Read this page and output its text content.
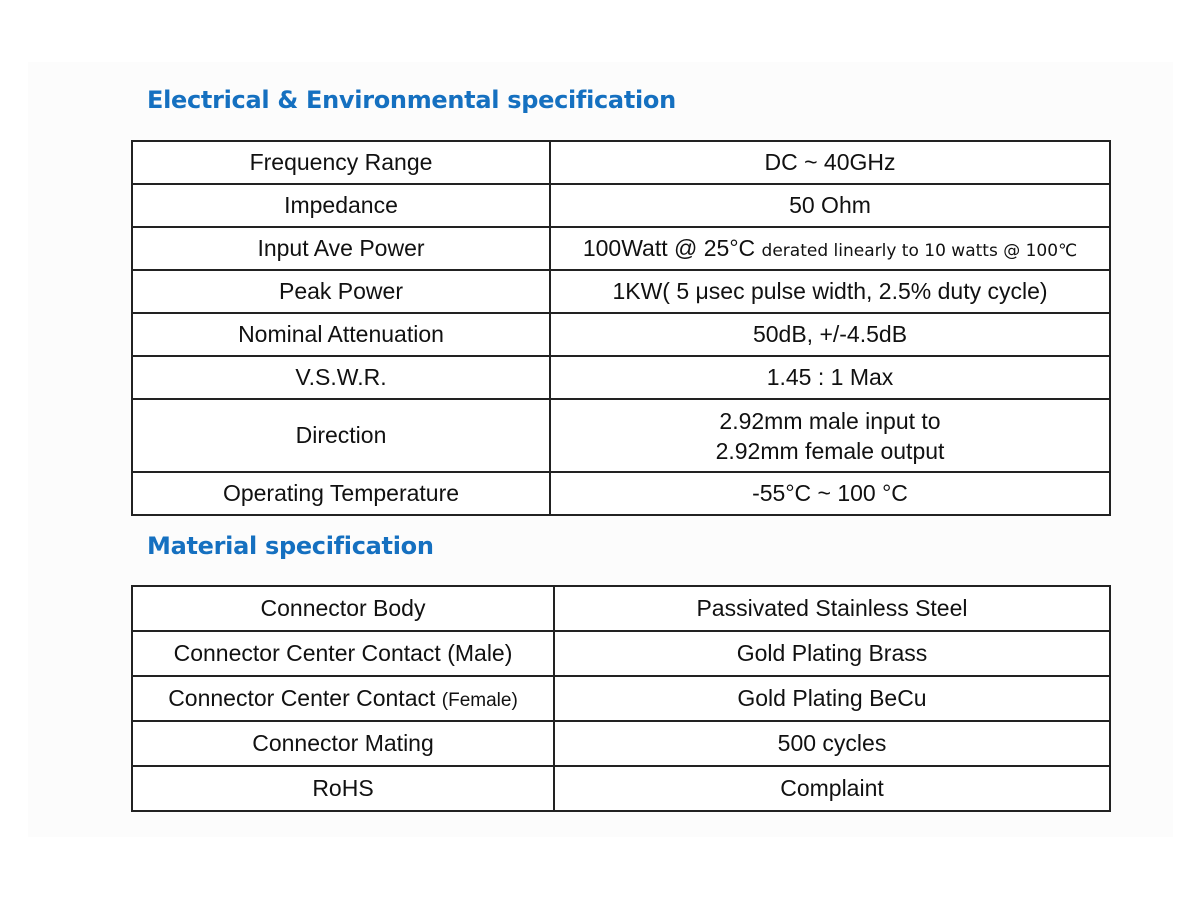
Electrical & Environmental specification
Frequency Range	DC ~ 40GHz
Impedance	50 Ohm
Input Ave Power	100Watt @ 25°C derated linearly to 10 watts @ 100℃
Peak Power	1KW( 5 μsec pulse width, 2.5% duty cycle)
Nominal Attenuation	50dB, +/-4.5dB
V.S.W.R.	1.45 : 1 Max
Direction	2.92mm male input to
2.92mm female output

Operating Temperature	-55°C ~ 100 °C
Material specification
Connector Body	Passivated Stainless Steel
Connector Center Contact (Male)	Gold Plating Brass
Connector Center Contact (Female)	Gold Plating BeCu
Connector Mating	500 cycles
RoHS	Complaint
